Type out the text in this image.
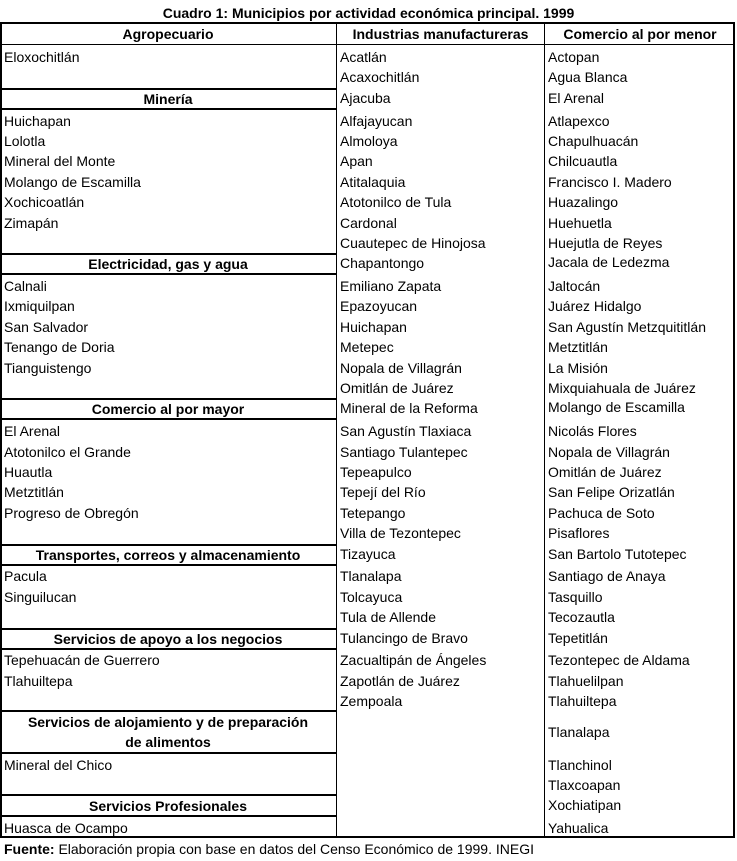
Cuadro 1: Municipios por actividad económica principal. 1999
Agropecuario	Industrias manufactureras	Comercio al por menor
Minería
Electricidad, gas y agua
Comercio al por mayor
Transportes, correos y almacenamiento
Servicios de apoyo a los negocios
Servicios de alojamiento y de preparación
de alimentos
Servicios Profesionales
Eloxochitlán
Huichapan
Lolotla
Mineral del Monte
Molango de Escamilla
Xochicoatlán
Zimapán
Calnali
Ixmiquilpan
San Salvador
Tenango de Doria
Tianguistengo
El Arenal
Atotonilco el Grande
Huautla
Metztitlán
Progreso de Obregón
Pacula
Singuilucan
Tepehuacán de Guerrero
Tlahuiltepa
Mineral del Chico
Huasca de Ocampo
Acatlán
Acaxochitlán
Ajacuba
Alfajayucan
Almoloya
Apan
Atitalaquia
Atotonilco de Tula
Cardonal
Cuautepec de Hinojosa
Chapantongo
Emiliano Zapata
Epazoyucan
Huichapan
Metepec
Nopala de Villagrán
Omitlán de Juárez
Mineral de la Reforma
San Agustín Tlaxiaca
Santiago Tulantepec
Tepeapulco
Tepejí del Río
Tetepango
Villa de Tezontepec
Tizayuca
Tlanalapa
Tolcayuca
Tula de Allende
Tulancingo de Bravo
Zacualtipán de Ángeles
Zapotlán de Juárez
Zempoala
Actopan
Agua Blanca
El Arenal
Atlapexco
Chapulhuacán
Chilcuautla
Francisco I. Madero
Huazalingo
Huehuetla
Huejutla de Reyes
Jacala de Ledezma
Jaltocán
Juárez Hidalgo
San Agustín Metzquititlán
Metztitlán
La Misión
Mixquiahuala de Juárez
Molango de Escamilla
Nicolás Flores
Nopala de Villagrán
Omitlán de Juárez
San Felipe Orizatlán
Pachuca de Soto
Pisaflores
San Bartolo Tutotepec
Santiago de Anaya
Tasquillo
Tecozautla
Tepetitlán
Tezontepec de Aldama
Tlahuelilpan
Tlahuiltepa
Tlanalapa
Tlanchinol
Tlaxcoapan
Xochiatipan
Yahualica
Fuente: Elaboración propia con base en datos del Censo Económico de 1999. INEGI
